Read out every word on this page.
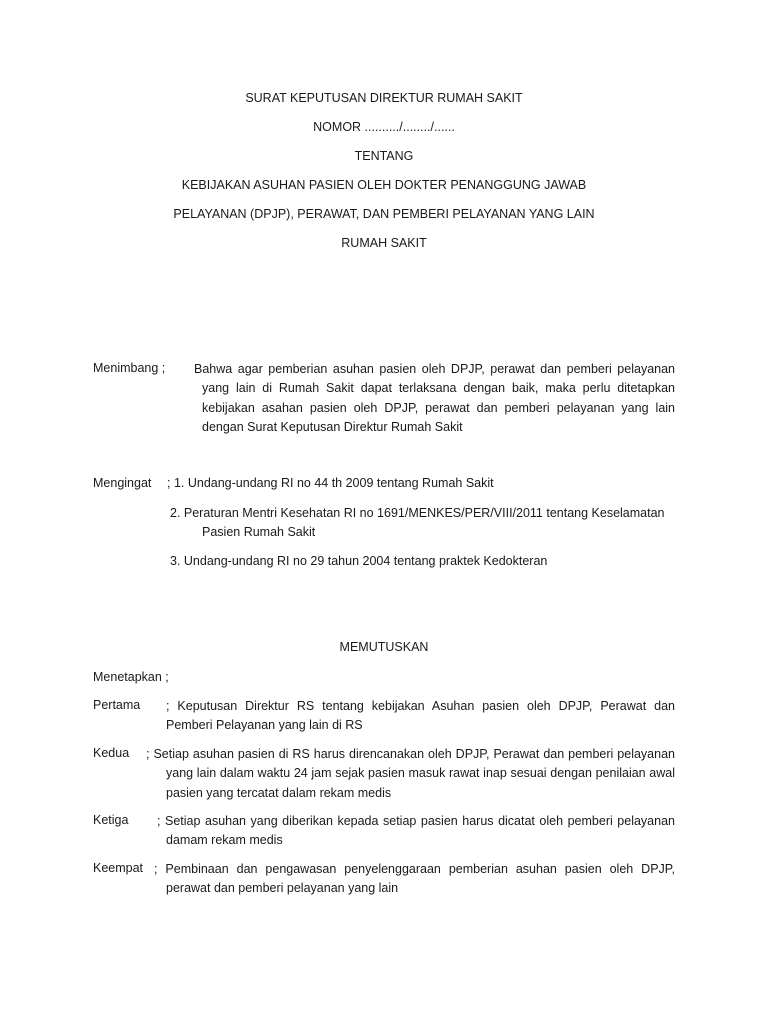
SURAT KEPUTUSAN DIREKTUR RUMAH SAKIT
NOMOR ........../......../......
TENTANG
KEBIJAKAN ASUHAN PASIEN OLEH DOKTER PENANGGUNG JAWAB
PELAYANAN (DPJP), PERAWAT, DAN PEMBERI PELAYANAN YANG LAIN
RUMAH SAKIT
Menimbang ; Bahwa agar pemberian asuhan pasien oleh DPJP, perawat dan pemberi pelayanan yang lain di Rumah Sakit dapat terlaksana dengan baik, maka perlu ditetapkan kebijakan asahan pasien oleh DPJP, perawat dan pemberi pelayanan yang lain dengan Surat Keputusan Direktur Rumah Sakit
Mengingat ; 1. Undang-undang RI no 44 th 2009 tentang Rumah Sakit
2. Peraturan Mentri Kesehatan RI no 1691/MENKES/PER/VIII/2011 tentang Keselamatan
Pasien Rumah Sakit
3. Undang-undang RI no 29 tahun 2004 tentang praktek Kedokteran
MEMUTUSKAN
Menetapkan ;
Pertama ; Keputusan Direktur RS tentang kebijakan Asuhan pasien oleh DPJP, Perawat dan Pemberi Pelayanan yang lain di RS
Kedua ; Setiap asuhan pasien di RS harus direncanakan oleh DPJP, Perawat dan pemberi pelayanan yang lain dalam waktu 24 jam sejak pasien masuk rawat inap sesuai dengan penilaian awal pasien yang tercatat dalam rekam medis
Ketiga ; Setiap asuhan yang diberikan kepada setiap pasien harus dicatat oleh pemberi pelayanan damam rekam medis
Keempat ; Pembinaan dan pengawasan penyelenggaraan pemberian asuhan pasien oleh DPJP, perawat dan pemberi pelayanan yang lain
